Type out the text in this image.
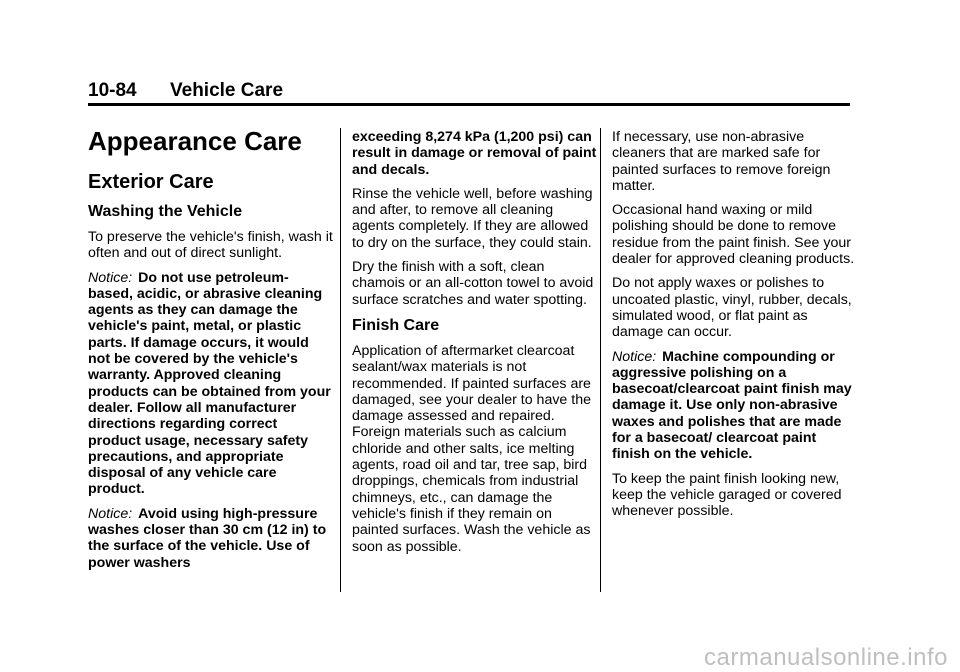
10-84 Vehicle Care
Appearance Care
Exterior Care
Washing the Vehicle

To preserve the vehicle's finish, wash it often and out of direct sunlight.

Notice: Do not use petroleum-based, acidic, or abrasive cleaning agents as they can damage the vehicle's paint, metal, or plastic parts. If damage occurs, it would not be covered by the vehicle's warranty. Approved cleaning products can be obtained from your dealer. Follow all manufacturer directions regarding correct product usage, necessary safety precautions, and appropriate disposal of any vehicle care product.

Notice: Avoid using high-pressure washes closer than 30 cm (12 in) to the surface of the vehicle. Use of power washers

exceeding 8,274 kPa (1,200 psi) can result in damage or removal of paint and decals.

Rinse the vehicle well, before washing and after, to remove all cleaning agents completely. If they are allowed to dry on the surface, they could stain.

Dry the finish with a soft, clean chamois or an all-cotton towel to avoid surface scratches and water spotting.

Finish Care

Application of aftermarket clearcoat sealant/wax materials is not recommended. If painted surfaces are damaged, see your dealer to have the damage assessed and repaired. Foreign materials such as calcium chloride and other salts, ice melting agents, road oil and tar, tree sap, bird droppings, chemicals from industrial chimneys, etc., can damage the vehicle's finish if they remain on painted surfaces. Wash the vehicle as soon as possible.

If necessary, use non-abrasive cleaners that are marked safe for painted surfaces to remove foreign matter.

Occasional hand waxing or mild polishing should be done to remove residue from the paint finish. See your dealer for approved cleaning products.

Do not apply waxes or polishes to uncoated plastic, vinyl, rubber, decals, simulated wood, or flat paint as damage can occur.

Notice: Machine compounding or aggressive polishing on a basecoat/clearcoat paint finish may damage it. Use only non-abrasive waxes and polishes that are made for a basecoat/ clearcoat paint finish on the vehicle.

To keep the paint finish looking new, keep the vehicle garaged or covered whenever possible.

carmanualsonline.info
